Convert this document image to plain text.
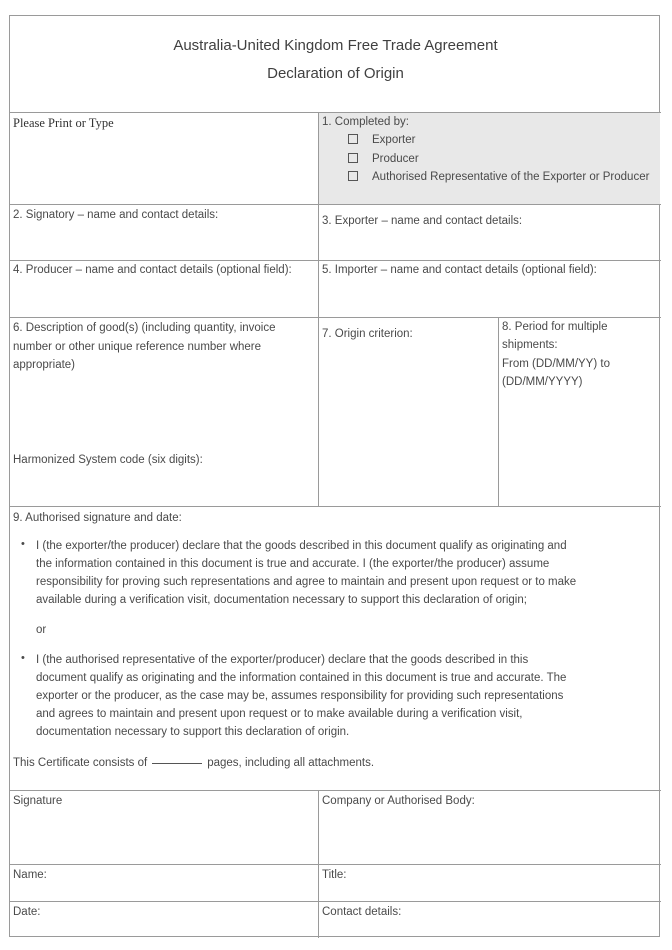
Australia-United Kingdom Free Trade Agreement
Declaration of Origin
Please Print or Type	1. Completed by:
Exporter
Producer
Authorised Representative of the Exporter or Producer
2. Signatory – name and contact details:	3. Exporter – name and contact details:
4. Producer – name and contact details (optional field):	5. Importer – name and contact details (optional field):
6. Description of good(s) (including quantity, invoice
number or other unique reference number where
appropriate)
Harmonized System code (six digits):
7. Origin criterion:
8. Period for multiple
shipments:
From (DD/MM/YY) to
(DD/MM/YYYY)
9. Authorised signature and date:
• I (the exporter/the producer) declare that the goods described in this document qualify as originating and
the information contained in this document is true and accurate. I (the exporter/the producer) assume
responsibility for proving such representations and agree to maintain and present upon request or to make
available during a verification visit, documentation necessary to support this declaration of origin;
or
• I (the authorised representative of the exporter/producer) declare that the goods described in this
document qualify as originating and the information contained in this document is true and accurate. The
exporter or the producer, as the case may be, assumes responsibility for providing such representations
and agrees to maintain and present upon request or to make available during a verification visit,
documentation necessary to support this declaration of origin.
This Certificate consists of	pages, including all attachments.
Signature	Company or Authorised Body:
Name:	Title:
Date:	Contact details:
